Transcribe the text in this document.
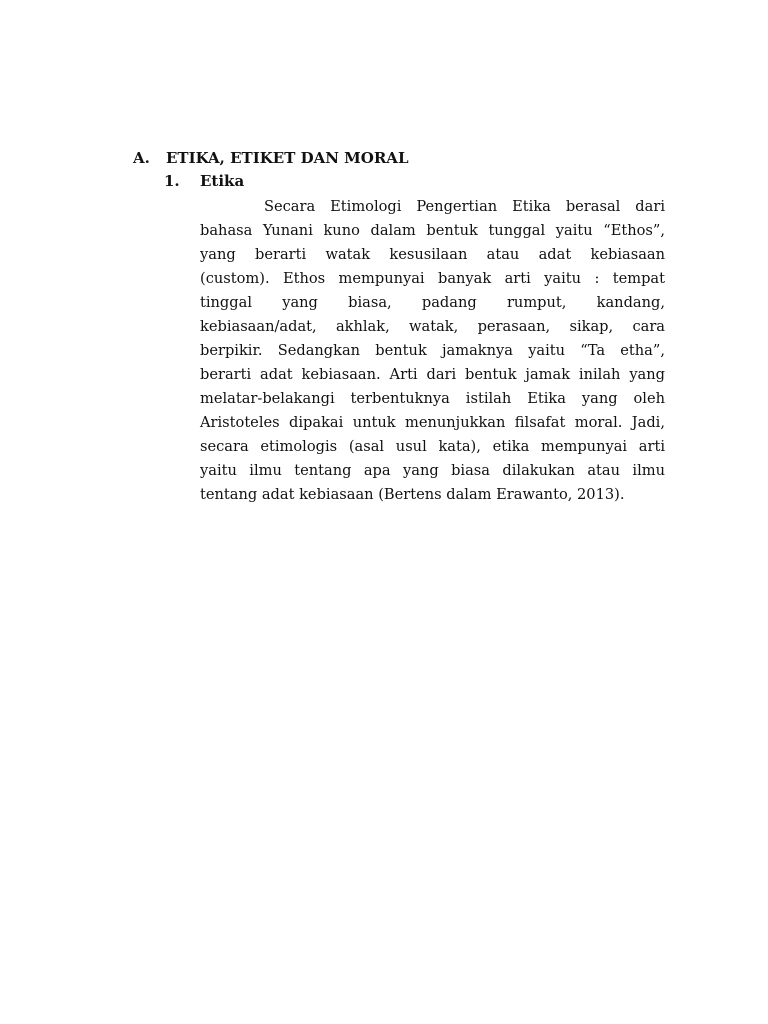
A. ETIKA, ETIKET DAN MORAL
1. Etika

Secara Etimologi Pengertian Etika berasal dari
bahasa Yunani kuno dalam bentuk tunggal yaitu “Ethos”,
yang berarti watak kesusilaan atau adat kebiasaan
(custom). Ethos mempunyai banyak arti yaitu : tempat
tinggal yang biasa, padang rumput, kandang,
kebiasaan/adat, akhlak, watak, perasaan, sikap, cara
berpikir. Sedangkan bentuk jamaknya yaitu “Ta etha”,
berarti adat kebiasaan. Arti dari bentuk jamak inilah yang
melatar-belakangi terbentuknya istilah Etika yang oleh
Aristoteles dipakai untuk menunjukkan filsafat moral. Jadi,
secara etimologis (asal usul kata), etika mempunyai arti
yaitu ilmu tentang apa yang biasa dilakukan atau ilmu
tentang adat kebiasaan (Bertens dalam Erawanto, 2013).
